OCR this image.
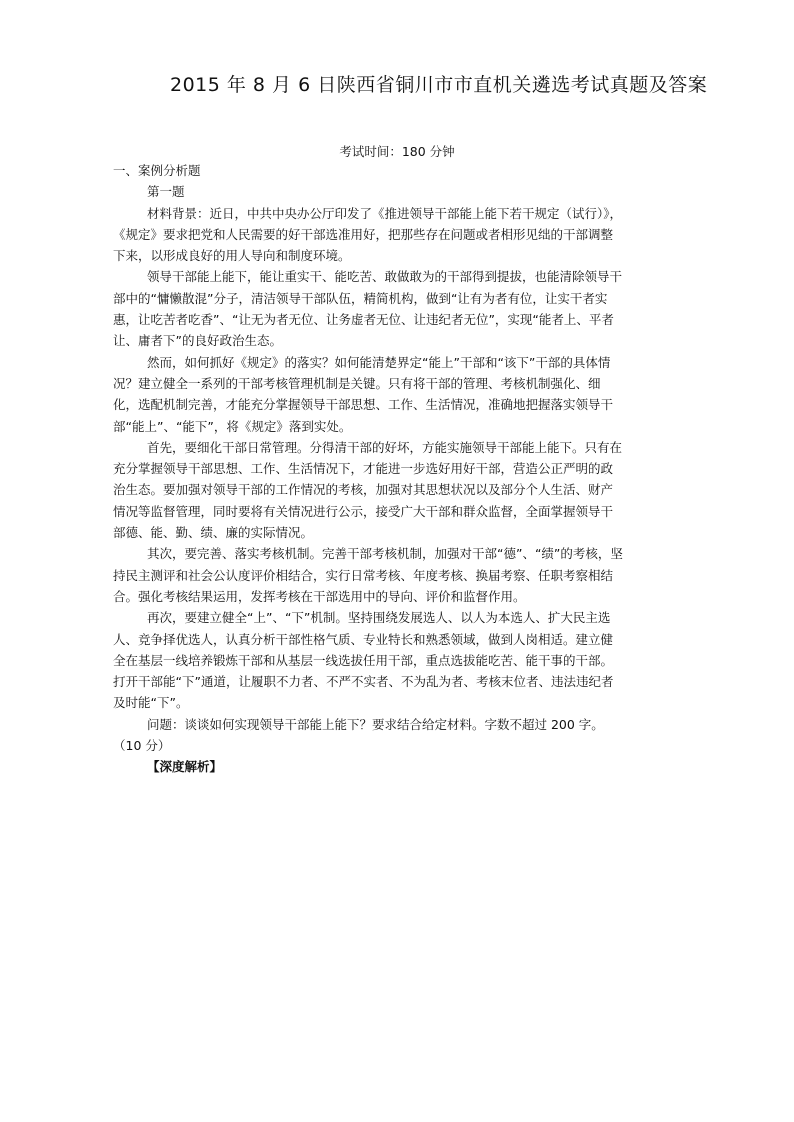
2015 年 8 月 6 日陕西省铜川市市直机关遴选考试真题及答案
考试时间：180 分钟

一、案例分析题

第一题

材料背景：近日，中共中央办公厅印发了《推进领导干部能上能下若干规定（试行）》，《规定》要求把党和人民需要的好干部选准用好，把那些存在问题或者相形见绌的干部调整下来，以形成良好的用人导向和制度环境。

领导干部能上能下，能让重实干、能吃苦、敢做敢为的干部得到提拔，也能清除领导干部中的“慵懒散混”分子，清洁领导干部队伍，精简机构，做到“让有为者有位，让实干者实惠，让吃苦者吃香”、“让无为者无位、让务虚者无位、让违纪者无位”，实现“能者上、平者让、庸者下”的良好政治生态。

然而，如何抓好《规定》的落实？如何能清楚界定“能上”干部和“该下”干部的具体情况？建立健全一系列的干部考核管理机制是关键。只有将干部的管理、考核机制强化、细化，选配机制完善，才能充分掌握领导干部思想、工作、生活情况，准确地把握落实领导干部“能上”、“能下”，将《规定》落到实处。

首先，要细化干部日常管理。分得清干部的好坏，方能实施领导干部能上能下。只有在充分掌握领导干部思想、工作、生活情况下，才能进一步选好用好干部，营造公正严明的政治生态。要加强对领导干部的工作情况的考核，加强对其思想状况以及部分个人生活、财产情况等监督管理，同时要将有关情况进行公示，接受广大干部和群众监督，全面掌握领导干部德、能、勤、绩、廉的实际情况。

其次，要完善、落实考核机制。完善干部考核机制，加强对干部“德”、“绩”的考核，坚持民主测评和社会公认度评价相结合，实行日常考核、年度考核、换届考察、任职考察相结合。强化考核结果运用，发挥考核在干部选用中的导向、评价和监督作用。

再次，要建立健全“上”、“下”机制。坚持围绕发展选人、以人为本选人、扩大民主选人、竞争择优选人，认真分析干部性格气质、专业特长和熟悉领域，做到人岗相适。建立健全在基层一线培养锻炼干部和从基层一线选拔任用干部，重点选拔能吃苦、能干事的干部。打开干部能“下”通道，让履职不力者、不严不实者、不为乱为者、考核末位者、违法违纪者及时能“下”。

问题：谈谈如何实现领导干部能上能下？要求结合给定材料。字数不超过 200 字。（10 分）

【深度解析】
